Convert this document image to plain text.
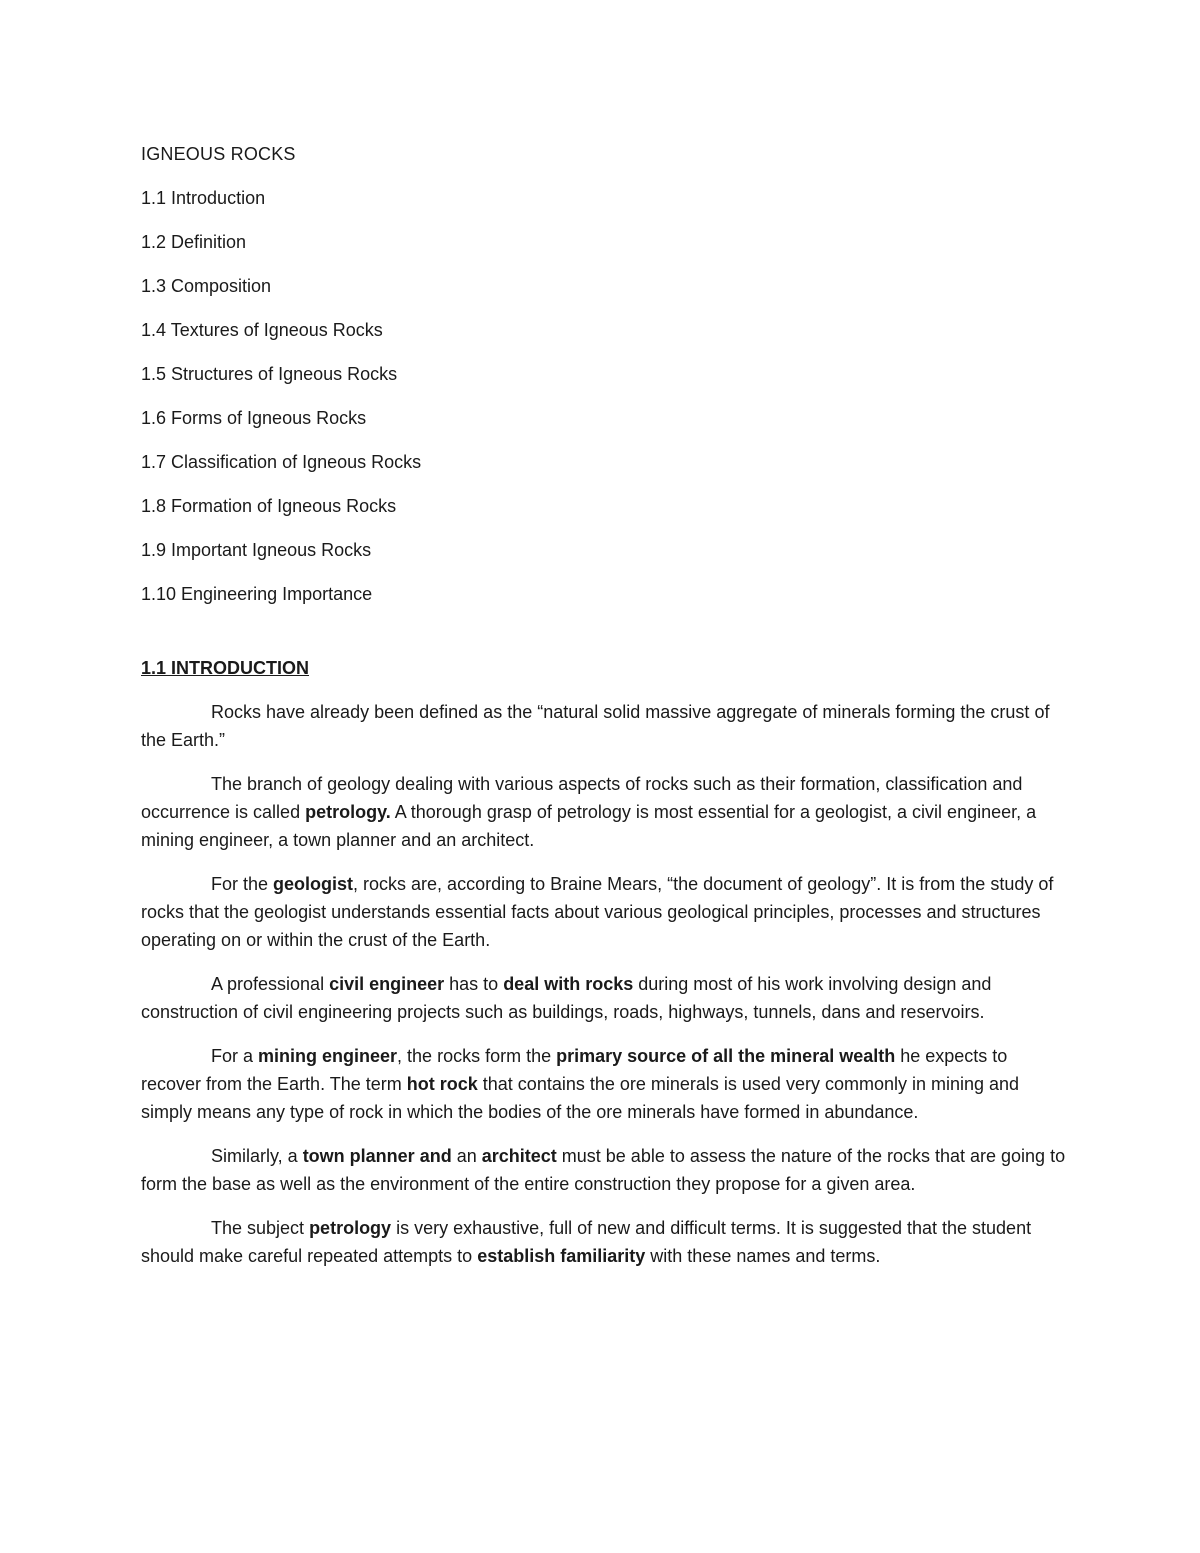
IGNEOUS ROCKS
1.1 Introduction
1.2 Definition
1.3 Composition
1.4 Textures of Igneous Rocks
1.5 Structures of Igneous Rocks
1.6 Forms of Igneous Rocks
1.7 Classification of Igneous Rocks
1.8 Formation of Igneous Rocks
1.9 Important Igneous Rocks
1.10 Engineering Importance
1.1 INTRODUCTION

Rocks have already been defined as the “natural solid massive aggregate of minerals forming the crust of the Earth.”

The branch of geology dealing with various aspects of rocks such as their formation, classification and occurrence is called petrology. A thorough grasp of petrology is most essential for a geologist, a civil engineer, a mining engineer, a town planner and an architect.

For the geologist, rocks are, according to Braine Mears, “the document of geology”. It is from the study of rocks that the geologist understands essential facts about various geological principles, processes and structures operating on or within the crust of the Earth.

A professional civil engineer has to deal with rocks during most of his work involving design and construction of civil engineering projects such as buildings, roads, highways, tunnels, dans and reservoirs.

For a mining engineer, the rocks form the primary source of all the mineral wealth he expects to recover from the Earth. The term hot rock that contains the ore minerals is used very commonly in mining and simply means any type of rock in which the bodies of the ore minerals have formed in abundance.

Similarly, a town planner and an architect must be able to assess the nature of the rocks that are going to form the base as well as the environment of the entire construction they propose for a given area.

The subject petrology is very exhaustive, full of new and difficult terms. It is suggested that the student should make careful repeated attempts to establish familiarity with these names and terms.
